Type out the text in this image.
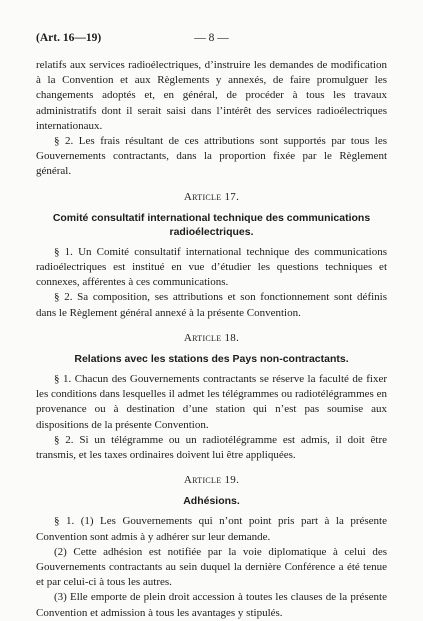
(Art. 16—19)	— 8 —

relatifs aux services radioélectriques, d’instruire les demandes de modification à la Convention et aux Règlements y annexés, de faire promulguer les changements adoptés et, en général, de procéder à tous les travaux administratifs dont il serait saisi dans l’intérêt des services radioélectriques internationaux.

§ 2. Les frais résultant de ces attributions sont supportés par tous les Gouvernements contractants, dans la proportion fixée par le Règlement général.

Article 17.
Comité consultatif international technique des communications radioélectriques.

§ 1. Un Comité consultatif international technique des communications radioélectriques est institué en vue d’étudier les questions techniques et connexes, afférentes à ces communications.

§ 2. Sa composition, ses attributions et son fonctionnement sont définis dans le Règlement général annexé à la présente Convention.

Article 18.
Relations avec les stations des Pays non-contractants.

§ 1. Chacun des Gouvernements contractants se réserve la faculté de fixer les conditions dans lesquelles il admet les télégrammes ou radiotélégrammes en provenance ou à destination d’une station qui n’est pas soumise aux dispositions de la présente Convention.

§ 2. Si un télégramme ou un radiotélégramme est admis, il doit être transmis, et les taxes ordinaires doivent lui être appliquées.

Article 19.
Adhésions.

§ 1. (1) Les Gouvernements qui n’ont point pris part à la présente Convention sont admis à y adhérer sur leur demande.

(2) Cette adhésion est notifiée par la voie diplomatique à celui des Gouvernements contractants au sein duquel la dernière Conférence a été tenue et par celui-ci à tous les autres.

(3) Elle emporte de plein droit accession à toutes les clauses de la présente Convention et admission à tous les avantages y stipulés.
